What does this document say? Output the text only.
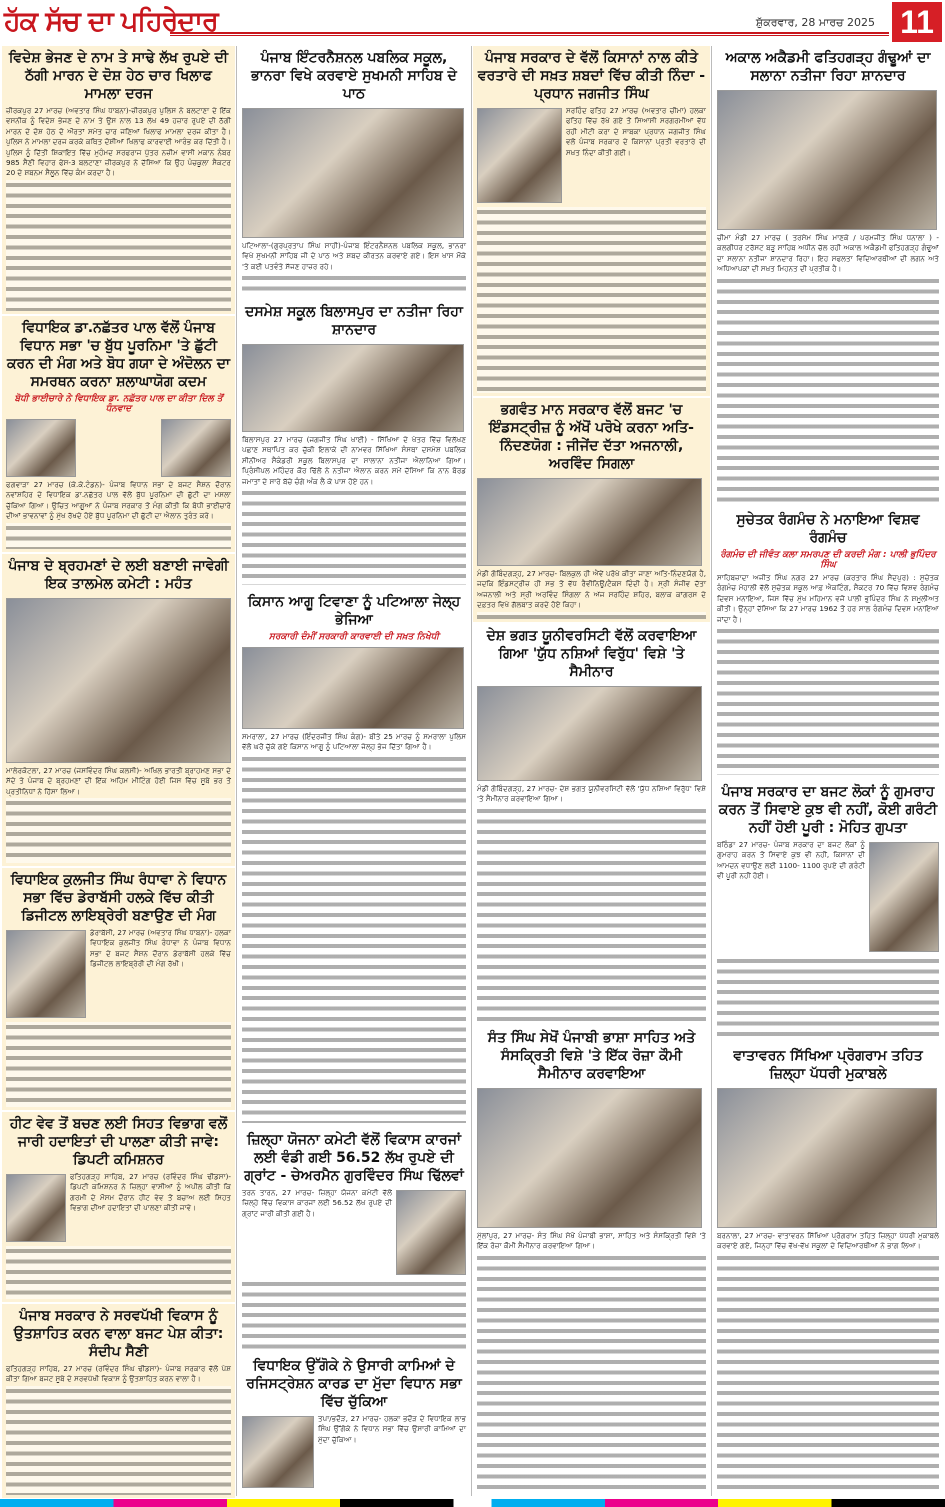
ਹੱਕ ਸੱਚ ਦਾ ਪਹਿਰੇਦਾਰ	ਸ਼ੁੱਕਰਵਾਰ, 28 ਮਾਰਚ 2025 11
ਵਿਦੇਸ਼ ਭੇਜਣ ਦੇ ਨਾਮ ਤੇ ਸਾਢੇ ਲੱਖ ਰੁਪਏ ਦੀ ਠੱਗੀ ਮਾਰਨ ਦੇ ਦੋਸ਼ ਹੇਠ ਚਾਰ ਖਿਲਾਫ ਮਾਮਲਾ ਦਰਜ
ਜ਼ੀਰਕਪੁਰ 27 ਮਾਰਚ (ਅਵਤਾਰ ਸਿੰਘ ਧਾਬਨਾ)-ਜ਼ੀਰਕਪੁਰ ਪੁਲਿਸ ਨੇ ਬਲਟਾਣਾ ਦੇ ਇੱਕ ਵਸਨੀਕ ਨੂੰ ਵਿਦੇਸ਼ ਭੇਜਣ ਦੇ ਨਾਮ ਤੇ ਉਸ ਨਾਲ 13 ਲੱਖ 49 ਹਜ਼ਾਰ ਰੁਪਏ ਦੀ ਠੱਗੀ ਮਾਰਨ ਦੇ ਦੋਸ਼ ਹੇਠ ਦੋ ਔਰਤਾਂ ਸਮੇਤ ਚਾਰ ਜਣਿਆਂ ਖਿਲਾਫ ਮਾਮਲਾ ਦਰਜ ਕੀਤਾ ਹੈ। ਪੁਲਿਸ ਨੇ ਮਾਮਲਾ ਦਰਜ ਕਰਕੇ ਕਥਿਤ ਦੋਸ਼ੀਆਂ ਖਿਲਾਫ ਕਾਰਵਾਈ ਆਰੰਭ ਕਰ ਦਿੱਤੀ ਹੈ। ਪੁਲਿਸ ਨੂੰ ਦਿੱਤੀ ਸ਼ਿਕਾਇਤ ਵਿੱਚ ਮੁਹੰਮਦ ਸਰਫਰਾਜ ਪੁੱਤਰ ਨਜ਼ੀਮ ਵਾਸੀ ਮਕਾਨ ਨੰਬਰ 985 ਸੈਣੀ ਵਿਹਾਰ ਫੇਸ-3 ਬਲਟਾਣਾ ਜ਼ੀਰਕਪੁਰ ਨੇ ਦੱਸਿਆ ਕਿ ਉਹ ਪੰਚਕੂਲਾ ਸੈਕਟਰ 20 ਦੇ ਸ਼ਬਨਮ ਸੈਲੂਨ ਵਿੱਚ ਕੰਮ ਕਰਦਾ ਹੈ।
ਵਿਧਾਇਕ ਡਾ.ਨਛੱਤਰ ਪਾਲ ਵੱਲੋਂ ਪੰਜਾਬ ਵਿਧਾਨ ਸਭਾ 'ਚ ਬੁੱਧ ਪੂਰਨਿਮਾ 'ਤੇ ਛੁੱਟੀ ਕਰਨ ਦੀ ਮੰਗ ਅਤੇ ਬੋਧ ਗਯਾ ਦੇ ਅੰਦੋਲਨ ਦਾ ਸਮਰਥਨ ਕਰਨਾ ਸ਼ਲਾਘਾਯੋਗ ਕਦਮ
ਬੋਧੀ ਭਾਈਚਾਰੇ ਨੇ ਵਿਧਾਇਕ ਡਾ. ਨਛੱਤਰ ਪਾਲ ਦਾ ਕੀਤਾ ਦਿਲ ਤੋਂ ਧੰਨਵਾਦ
ਫਗਵਾੜਾ 27 ਮਾਰਚ (ਕੇ.ਕੇ.ਟੰਡਨ)- ਪੰਜਾਬ ਵਿਧਾਨ ਸਭਾ ਦੇ ਬਜਟ ਸੈਸ਼ਨ ਦੌਰਾਨ ਨਵਾਂਸ਼ਹਿਰ ਦੇ ਵਿਧਾਇਕ ਡਾ.ਨਛੱਤਰ ਪਾਲ ਵੱਲੋਂ ਬੁੱਧ ਪੂਰਨਿਮਾ ਦੀ ਛੁੱਟੀ ਦਾ ਮਸਲਾ ਚੁੱਕਿਆ ਗਿਆ। ਉਚਿਤ ਆਗੂਆਂ ਨੇ ਪੰਜਾਬ ਸਰਕਾਰ ਤੋਂ ਮੰਗ ਕੀਤੀ ਕਿ ਬੋਧੀ ਭਾਈਚਾਰੇ ਦੀਆਂ ਭਾਵਨਾਵਾਂ ਨੂੰ ਮੁੱਖ ਰੱਖਦੇ ਹੋਏ ਬੁੱਧ ਪੂਰਨਿਮਾ ਦੀ ਛੁੱਟੀ ਦਾ ਐਲਾਨ ਤੁਰੰਤ ਕਰੇ।
ਪੰਜਾਬ ਦੇ ਬ੍ਰਹਮਣਾਂ ਦੇ ਲਈ ਬਣਾਈ ਜਾਵੇਗੀ ਇਕ ਤਾਲਮੇਲ ਕਮੇਟੀ : ਮਹੰਤ
ਮਾਲੇਰਕੋਟਲਾ, 27 ਮਾਰਚ (ਜਸਵਿੰਦਰ ਸਿੰਘ ਕਲਸੀ)- ਅਖਿਲ ਭਾਰਤੀ ਬ੍ਰਾਹਮਣ ਸਭਾ ਦੇ ਸੱਦੇ ਤੇ ਪੰਜਾਬ ਦੇ ਬ੍ਰਹਮਣਾਂ ਦੀ ਇੱਕ ਅਹਿਮ ਮੀਟਿੰਗ ਹੋਈ ਜਿਸ ਵਿੱਚ ਸੂਬੇ ਭਰ ਤੋਂ ਪ੍ਰਤੀਨਿਧਾਂ ਨੇ ਹਿੱਸਾ ਲਿਆ।
ਵਿਧਾਇਕ ਕੁਲਜੀਤ ਸਿੰਘ ਰੰਧਾਵਾ ਨੇ ਵਿਧਾਨ ਸਭਾ ਵਿੱਚ ਡੇਰਾਬੱਸੀ ਹਲਕੇ ਵਿੱਚ ਕੀਤੀ ਡਿਜੀਟਲ ਲਾਇਬ੍ਰੇਰੀ ਬਣਾਉਣ ਦੀ ਮੰਗ
ਡੇਰਾਬੱਸੀ, 27 ਮਾਰਚ (ਅਵਤਾਰ ਸਿੰਘ ਧਾਬਨਾ)- ਹਲਕਾ ਵਿਧਾਇਕ ਕੁਲਜੀਤ ਸਿੰਘ ਰੰਧਾਵਾ ਨੇ ਪੰਜਾਬ ਵਿਧਾਨ ਸਭਾ ਦੇ ਬਜਟ ਸੈਸ਼ਨ ਦੌਰਾਨ ਡੇਰਾਬੱਸੀ ਹਲਕੇ ਵਿੱਚ ਡਿਜੀਟਲ ਲਾਇਬ੍ਰੇਰੀ ਦੀ ਮੰਗ ਰੱਖੀ।
ਹੀਟ ਵੇਵ ਤੋਂ ਬਚਣ ਲਈ ਸਿਹਤ ਵਿਭਾਗ ਵਲੋਂ ਜਾਰੀ ਹਦਾਇਤਾਂ ਦੀ ਪਾਲਣਾ ਕੀਤੀ ਜਾਵੇ: ਡਿਪਟੀ ਕਮਿਸ਼ਨਰ
ਫਤਿਹਗੜ੍ਹ ਸਾਹਿਬ, 27 ਮਾਰਚ (ਰਵਿੰਦਰ ਸਿੰਘ ਢੀਂਡਸਾ)- ਡਿਪਟੀ ਕਮਿਸ਼ਨਰ ਨੇ ਜ਼ਿਲ੍ਹਾ ਵਾਸੀਆਂ ਨੂੰ ਅਪੀਲ ਕੀਤੀ ਕਿ ਗਰਮੀ ਦੇ ਮੌਸਮ ਦੌਰਾਨ ਹੀਟ ਵੇਵ ਤੋਂ ਬਚਾਅ ਲਈ ਸਿਹਤ ਵਿਭਾਗ ਦੀਆਂ ਹਦਾਇਤਾਂ ਦੀ ਪਾਲਣਾ ਕੀਤੀ ਜਾਵੇ।
ਪੰਜਾਬ ਸਰਕਾਰ ਨੇ ਸਰਵਪੱਖੀ ਵਿਕਾਸ ਨੂੰ ਉਤਸ਼ਾਹਿਤ ਕਰਨ ਵਾਲਾ ਬਜਟ ਪੇਸ਼ ਕੀਤਾ: ਸੰਦੀਪ ਸੈਣੀ
ਫਤਿਹਗੜ੍ਹ ਸਾਹਿਬ, 27 ਮਾਰਚ (ਰਵਿੰਦਰ ਸਿੰਘ ਢੀਂਡਸਾ)- ਪੰਜਾਬ ਸਰਕਾਰ ਵੱਲੋਂ ਪੇਸ਼ ਕੀਤਾ ਗਿਆ ਬਜਟ ਸੂਬੇ ਦੇ ਸਰਵਪੱਖੀ ਵਿਕਾਸ ਨੂੰ ਉਤਸ਼ਾਹਿਤ ਕਰਨ ਵਾਲਾ ਹੈ।
ਪੰਜਾਬ ਇੰਟਰਨੈਸ਼ਨਲ ਪਬਲਿਕ ਸਕੂਲ, ਭਾਨਰਾ ਵਿਖੇ ਕਰਵਾਏ ਸੁਖਮਨੀ ਸਾਹਿਬ ਦੇ ਪਾਠ
ਪਟਿਆਲਾ-(ਗੁਰਪ੍ਰਤਾਪ ਸਿੰਘ ਸਾਹੀ)-ਪੰਜਾਬ ਇੰਟਰਨੈਸ਼ਨਲ ਪਬਲਿਕ ਸਕੂਲ, ਭਾਨਰਾ ਵਿਖੇ ਸੁਖਮਨੀ ਸਾਹਿਬ ਜੀ ਦੇ ਪਾਠ ਅਤੇ ਸ਼ਬਦ ਕੀਰਤਨ ਕਰਵਾਏ ਗਏ। ਇਸ ਖਾਸ ਮੌਕੇ 'ਤੇ ਕਈ ਪਤਵੰਤੇ ਸੱਜਣ ਹਾਜ਼ਰ ਰਹੇ।
ਦਸਮੇਸ਼ ਸਕੂਲ ਬਿਲਾਸਪੁਰ ਦਾ ਨਤੀਜਾ ਰਿਹਾ ਸ਼ਾਨਦਾਰ
ਬਿਲਾਸਪੁਰ 27 ਮਾਰਚ (ਜਗਜੀਤ ਸਿੰਘ ਖਾਈ) - ਸਿੱਖਿਆ ਦੇ ਖੇਤਰ ਵਿੱਚ ਵਿਲੱਖਣ ਪਛਾਣ ਸਥਾਪਿਤ ਕਰ ਚੁੱਕੀ ਇਲਾਕੇ ਦੀ ਨਾਮਵਰ ਸਿੱਖਿਆ ਸੰਸਥਾ ਦਸਮੇਸ਼ ਪਬਲਿਕ ਸੀਨੀਅਰ ਸੈਕੰਡਰੀ ਸਕੂਲ ਬਿਲਾਸਪੁਰ ਦਾ ਸਾਲਾਨਾ ਨਤੀਜਾ ਐਲਾਨਿਆ ਗਿਆ। ਪ੍ਰਿੰਸੀਪਲ ਮਹਿੰਦਰ ਕੌਰ ਢਿੱਲੋਂ ਨੇ ਨਤੀਜਾ ਐਲਾਨ ਕਰਨ ਸਮੇਂ ਦੱਸਿਆ ਕਿ ਨਾਨ ਬੋਰਡ ਜਮਾਤਾਂ ਦੇ ਸਾਰੇ ਬੱਚੇ ਚੰਗੇ ਅੰਕ ਲੈ ਕੇ ਪਾਸ ਹੋਏ ਹਨ।
ਕਿਸਾਨ ਆਗੂ ਟਿਵਾਣਾ ਨੂੰ ਪਟਿਆਲਾ ਜੇਲ੍ਹ ਭੇਜਿਆ
ਸਰਕਾਰੀ ਦੰਮੀਂ ਸਰਕਾਰੀ ਕਾਰਵਾਈ ਦੀ ਸਖ਼ਤ ਨਿਖੇਧੀ
ਸਮਰਾਲਾ, 27 ਮਾਰਚ (ਇੰਦਰਜੀਤ ਸਿੰਘ ਕੰਗ)- ਬੀਤੇ 25 ਮਾਰਚ ਨੂੰ ਸਮਰਾਲਾ ਪੁਲਿਸ ਵੱਲੋਂ ਘਰੋਂ ਚੁੱਕੇ ਗਏ ਕਿਸਾਨ ਆਗੂ ਨੂੰ ਪਟਿਆਲਾ ਜੇਲ੍ਹ ਭੇਜ ਦਿੱਤਾ ਗਿਆ ਹੈ।
ਜ਼ਿਲ੍ਹਾ ਯੋਜਨਾ ਕਮੇਟੀ ਵੱਲੋਂ ਵਿਕਾਸ ਕਾਰਜਾਂ ਲਈ ਵੰਡੀ ਗਈ 56.52 ਲੱਖ ਰੁਪਏ ਦੀ ਗ੍ਰਾਂਟ - ਚੇਅਰਮੈਨ ਗੁਰਵਿੰਦਰ ਸਿੰਘ ਢਿੱਲਵਾਂ
ਤਰਨ ਤਾਰਨ, 27 ਮਾਰਚ- ਜ਼ਿਲ੍ਹਾ ਯੋਜਨਾ ਕਮੇਟੀ ਵੱਲੋਂ ਜ਼ਿਲ੍ਹੇ ਵਿੱਚ ਵਿਕਾਸ ਕਾਰਜਾਂ ਲਈ 56.52 ਲੱਖ ਰੁਪਏ ਦੀ ਗ੍ਰਾਂਟ ਜਾਰੀ ਕੀਤੀ ਗਈ ਹੈ।
ਵਿਧਾਇਕ ਉੱਗੋਕੇ ਨੇ ਉਸਾਰੀ ਕਾਮਿਆਂ ਦੇ ਰਜਿਸਟ੍ਰੇਸ਼ਨ ਕਾਰਡ ਦਾ ਮੁੱਦਾ ਵਿਧਾਨ ਸਭਾ ਵਿੱਚ ਚੁੱਕਿਆ
ਤਪਾ/ਭਦੌੜ, 27 ਮਾਰਚ- ਹਲਕਾ ਭਦੌੜ ਦੇ ਵਿਧਾਇਕ ਲਾਭ ਸਿੰਘ ਉੱਗੋਕੇ ਨੇ ਵਿਧਾਨ ਸਭਾ ਵਿੱਚ ਉਸਾਰੀ ਕਾਮਿਆਂ ਦਾ ਮੁੱਦਾ ਚੁੱਕਿਆ।
ਪੰਜਾਬ ਸਰਕਾਰ ਦੇ ਵੱਲੋਂ ਕਿਸਾਨਾਂ ਨਾਲ ਕੀਤੇ ਵਰਤਾਰੇ ਦੀ ਸਖ਼ਤ ਸ਼ਬਦਾਂ ਵਿੱਚ ਕੀਤੀ ਨਿੰਦਾ - ਪ੍ਰਧਾਨ ਜਗਜੀਤ ਸਿੰਘ
ਸਰਹਿੰਦ ਫਤਿਹ 27 ਮਾਰਚ (ਅਵਤਾਰ ਚੀਮਾ) ਹਲਕਾ ਫਤਿਹ ਵਿੱਚ ਰੱਖੇ ਗਏ ਤੋਂ ਸਿਆਸੀ ਸਰਗਰਮੀਆਂ ਵੱਧ ਰਹੀ ਮੀਟੀ ਕਰਾ ਦੇ ਸਾਬਕਾ ਪ੍ਰਧਾਨ ਜਗਜੀਤ ਸਿੰਘ ਵਲੋਂ ਪੰਜਾਬ ਸਰਕਾਰ ਦੇ ਕਿਸਾਨਾਂ ਪ੍ਰਤੀ ਵਰਤਾਰੇ ਦੀ ਸਖ਼ਤ ਨਿੰਦਾ ਕੀਤੀ ਗਈ।
ਭਗਵੰਤ ਮਾਨ ਸਰਕਾਰ ਵੱਲੋਂ ਬਜਟ 'ਚ ਇੰਡਸਟ੍ਰੀਜ਼ ਨੂੰ ਅੱਖੋਂ ਪਰੋਖੇ ਕਰਨਾ ਅਤਿ-ਨਿੰਦਣਯੋਗ : ਜੀਜੇਂਦ ਦੱਤਾ ਅਜਨਾਲੀ, ਅਰਵਿੰਦ ਸਿਗਲਾ
ਮੰਡੀ ਗੋਬਿੰਦਗੜ੍ਹ, 27 ਮਾਰਚ- ਬਿਲਕੁਲ ਹੀ ਐਂਵੇਂ ਪਰੋਖੇ ਕੀਤਾ ਜਾਣਾ ਅਤਿ-ਨਿੰਦਣਯੋਗ ਹੈ, ਜਦਕਿ ਇੰਡਸਟ੍ਰੀਜ਼ ਹੀ ਸਭ ਤੋਂ ਵੱਧ ਰੈਵੀਨਿਊ/ਟੈਕਸ ਦਿੰਦੀ ਹੈ। ਸ੍ਰੀ ਸੰਜੀਵ ਦੱਤਾ ਅਜਨਾਲੀ ਅਤੇ ਸ੍ਰੀ ਅਰਵਿੰਦ ਸਿੰਗਲਾ ਨੇ ਅੱਜ ਸਰਹਿੰਦ ਸ਼ਹਿਰ, ਬਲਾਕ ਕਾਂਗਰਸ ਦੇ ਦਫ਼ਤਰ ਵਿਖੇ ਗੱਲਬਾਤ ਕਰਦੇ ਹੋਏ ਕਿਹਾ।
ਦੇਸ਼ ਭਗਤ ਯੂਨੀਵਰਸਿਟੀ ਵੱਲੋਂ ਕਰਵਾਇਆ ਗਿਆ 'ਯੁੱਧ ਨਸ਼ਿਆਂ ਵਿਰੁੱਧ' ਵਿਸ਼ੇ 'ਤੇ ਸੈਮੀਨਾਰ
ਮੰਡੀ ਗੋਬਿੰਦਗੜ੍ਹ, 27 ਮਾਰਚ- ਦੇਸ਼ ਭਗਤ ਯੂਨੀਵਰਸਿਟੀ ਵੱਲੋਂ 'ਯੁੱਧ ਨਸ਼ਿਆਂ ਵਿਰੁੱਧ' ਵਿਸ਼ੇ 'ਤੇ ਸੈਮੀਨਾਰ ਕਰਵਾਇਆ ਗਿਆ।
ਸੰਤ ਸਿੰਘ ਸੇਖੋਂ ਪੰਜਾਬੀ ਭਾਸ਼ਾ ਸਾਹਿਤ ਅਤੇ ਸੰਸਕ੍ਰਿਤੀ ਵਿਸ਼ੇ 'ਤੇ ਇੱਕ ਰੋਜ਼ਾ ਕੌਮੀ ਸੈਮੀਨਾਰ ਕਰਵਾਇਆ
ਮੁੱਲਾਂਪੁਰ, 27 ਮਾਰਚ- ਸੰਤ ਸਿੰਘ ਸੇਖੋਂ ਪੰਜਾਬੀ ਭਾਸ਼ਾ, ਸਾਹਿਤ ਅਤੇ ਸੰਸਕ੍ਰਿਤੀ ਵਿਸ਼ੇ 'ਤੇ ਇੱਕ ਰੋਜ਼ਾ ਕੌਮੀ ਸੈਮੀਨਾਰ ਕਰਵਾਇਆ ਗਿਆ।
ਅਕਾਲ ਅਕੈਡਮੀ ਫਤਿਹਗੜ੍ਹ ਗੰਢੂਆਂ ਦਾ ਸਲਾਨਾ ਨਤੀਜਾ ਰਿਹਾ ਸ਼ਾਨਦਾਰ
ਚੀਮਾ ਮੰਡੀ 27 ਮਾਰਚ ( ਤਰਸੇਮ ਸਿੰਘ ਮਾਣਕੇ / ਪਰਮਜੀਤ ਸਿੰਘ ਧਨਾਲਾ ) - ਕਲਗੀਧਰ ਟਰੱਸਟ ਬੜੂ ਸਾਹਿਬ ਅਧੀਨ ਚੱਲ ਰਹੀ ਅਕਾਲ ਅਕੈਡਮੀ ਫਤਿਹਗੜ੍ਹ ਗੰਢੂਆਂ ਦਾ ਸਲਾਨਾ ਨਤੀਜਾ ਸ਼ਾਨਦਾਰ ਰਿਹਾ। ਇਹ ਸਫਲਤਾ ਵਿਦਿਆਰਥੀਆਂ ਦੀ ਲਗਨ ਅਤੇ ਅਧਿਆਪਕਾਂ ਦੀ ਸਖ਼ਤ ਮਿਹਨਤ ਦੀ ਪ੍ਰਤੀਕ ਹੈ।
ਸੁਚੇਤਕ ਰੰਗਮੰਚ ਨੇ ਮਨਾਇਆ ਵਿਸ਼ਵ ਰੰਗਮੰਚ
ਰੰਗਮੰਚ ਦੀ ਜੀਵੰਤ ਕਲਾ ਸਮਰਪਣ ਦੀ ਕਰਦੀ ਮੰਗ : ਪਾਲੀ ਭੁਪਿੰਦਰ ਸਿੰਘ
ਸਾਹਿਬਜ਼ਾਦਾ ਅਜੀਤ ਸਿੰਘ ਨਗਰ 27 ਮਾਰਚ (ਕਰਤਾਰ ਸਿੰਘ ਸੈਦਪੁਰ) : ਸੁਚੇਤਕ ਰੰਗਮੰਚ ਮੋਹਾਲੀ ਵੱਲੋਂ ਸੁਚੇਤਕ ਸਕੂਲ ਆਫ਼ ਐਕਟਿੰਗ, ਸੈਕਟਰ 70 ਵਿੱਚ ਵਿਸ਼ਵ ਰੰਗਮੰਚ ਦਿਵਸ ਮਨਾਇਆ, ਜਿਸ ਵਿੱਚ ਮੁੱਖ ਮਹਿਮਾਨ ਵਜੋਂ ਪਾਲੀ ਭੁਪਿੰਦਰ ਸਿੰਘ ਨੇ ਸ਼ਮੂਲੀਅਤ ਕੀਤੀ। ਉਨ੍ਹਾਂ ਦੱਸਿਆ ਕਿ 27 ਮਾਰਚ 1962 ਤੋਂ ਹਰ ਸਾਲ ਰੰਗਮੰਚ ਦਿਵਸ ਮਨਾਇਆ ਜਾਂਦਾ ਹੈ।
ਪੰਜਾਬ ਸਰਕਾਰ ਦਾ ਬਜਟ ਲੋਕਾਂ ਨੂੰ ਗੁਮਰਾਹ ਕਰਨ ਤੋਂ ਸਿਵਾਏ ਕੁਝ ਵੀ ਨਹੀਂ, ਕੋਈ ਗਰੰਟੀ ਨਹੀਂ ਹੋਈ ਪੂਰੀ : ਮੋਹਿਤ ਗੁਪਤਾ
ਬਠਿੰਡਾ 27 ਮਾਰਚ- ਪੰਜਾਬ ਸਰਕਾਰ ਦਾ ਬਜਟ ਲੋਕਾਂ ਨੂੰ ਗੁਮਰਾਹ ਕਰਨ ਤੋਂ ਸਿਵਾਏ ਕੁਝ ਵੀ ਨਹੀਂ, ਕਿਸਾਨਾਂ ਦੀ ਆਮਦਨ ਵਧਾਉਣ ਲਈ 1100- 1100 ਰੁਪਏ ਦੀ ਗਰੰਟੀ ਵੀ ਪੂਰੀ ਨਹੀਂ ਹੋਈ।
ਵਾਤਾਵਰਨ ਸਿੱਖਿਆ ਪ੍ਰੋਗਰਾਮ ਤਹਿਤ ਜ਼ਿਲ੍ਹਾ ਪੱਧਰੀ ਮੁਕਾਬਲੇ
ਬਰਨਾਲਾ, 27 ਮਾਰਚ- ਵਾਤਾਵਰਨ ਸਿੱਖਿਆ ਪ੍ਰੋਗਰਾਮ ਤਹਿਤ ਜ਼ਿਲ੍ਹਾ ਪੱਧਰੀ ਮੁਕਾਬਲੇ ਕਰਵਾਏ ਗਏ, ਜਿਨ੍ਹਾਂ ਵਿੱਚ ਵੱਖ-ਵੱਖ ਸਕੂਲਾਂ ਦੇ ਵਿਦਿਆਰਥੀਆਂ ਨੇ ਭਾਗ ਲਿਆ।
